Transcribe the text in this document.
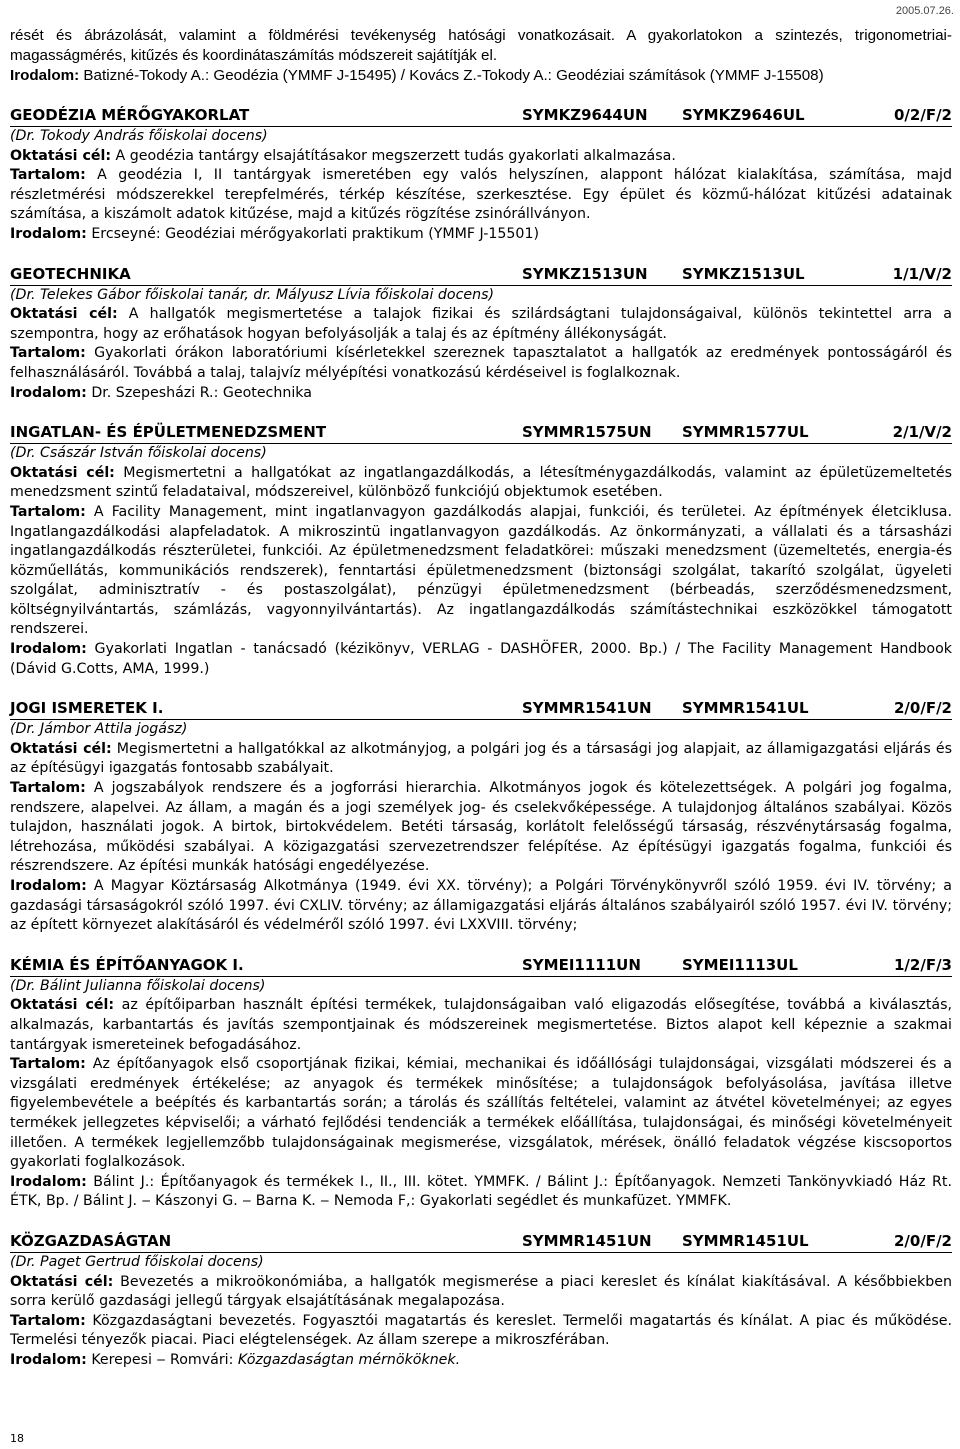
2005.07.26.

rését és ábrázolását, valamint a földmérési tevékenység hatósági vonatkozásait. A gyakorlatokon a szintezés, trigonometriai-magasságmérés, kitűzés és koordinátaszámítás módszereit sajátítják el.

Irodalom: Batizné-Tokody A.: Geodézia (YMMF J-15495) / Kovács Z.-Tokody A.: Geodéziai számítások (YMMF J-15508)

GEODÉZIA MÉRŐGYAKORLAT	SYMKZ9644UN	SYMKZ9646UL	0/2/F/2

(Dr. Tokody András főiskolai docens)

Oktatási cél: A geodézia tantárgy elsajátításakor megszerzett tudás gyakorlati alkalmazása.

Tartalom: A geodézia I, II tantárgyak ismeretében egy valós helyszínen, alappont hálózat kialakítása, számítása, majd részletmérési módszerekkel terepfelmérés, térkép készítése, szerkesztése. Egy épület és közmű-hálózat kitűzési adatainak számítása, a kiszámolt adatok kitűzése, majd a kitűzés rögzítése zsinórállványon.

Irodalom: Ercseyné: Geodéziai mérőgyakorlati praktikum (YMMF J-15501)

GEOTECHNIKA	SYMKZ1513UN	SYMKZ1513UL	1/1/V/2

(Dr. Telekes Gábor főiskolai tanár, dr. Mályusz Lívia főiskolai docens)

Oktatási cél: A hallgatók megismertetése a talajok fizikai és szilárdságtani tulajdonságaival, különös tekintettel arra a szempontra, hogy az erőhatások hogyan befolyásolják a talaj és az építmény állékonyságát.

Tartalom: Gyakorlati órákon laboratóriumi kísérletekkel szereznek tapasztalatot a hallgatók az eredmények pontosságáról és felhasználásáról. Továbbá a talaj, talajvíz mélyépítési vonatkozású kérdéseivel is foglalkoznak.

Irodalom: Dr. Szepesházi R.: Geotechnika

INGATLAN- ÉS ÉPÜLETMENEDZSMENT	SYMMR1575UN	SYMMR1577UL	2/1/V/2

(Dr. Császár István főiskolai docens)

Oktatási cél: Megismertetni a hallgatókat az ingatlangazdálkodás, a létesítménygazdálkodás, valamint az épületüzemeltetés menedzsment szintű feladataival, módszereivel, különböző funkciójú objektumok esetében.

Tartalom: A Facility Management, mint ingatlanvagyon gazdálkodás alapjai, funkciói, és területei. Az építmények életciklusa. Ingatlangazdálkodási alapfeladatok. A mikroszintü ingatlanvagyon gazdálkodás. Az önkormányzati, a vállalati és a társasházi ingatlangazdálkodás részterületei, funkciói. Az épületmenedzsment feladatkörei: műszaki menedzsment (üzemeltetés, energia-és közműellátás, kommunikációs rendszerek), fenntartási épületmenedzsment (biztonsági szolgálat, takarító szolgálat, ügyeleti szolgálat, adminisztratív - és postaszolgálat), pénzügyi épületmenedzsment (bérbeadás, szerződésmenedzsment, költségnyilvántartás, számlázás, vagyonnyilvántartás). Az ingatlangazdálkodás számítástechnikai eszközökkel támogatott rendszerei.

Irodalom: Gyakorlati Ingatlan - tanácsadó (kézikönyv, VERLAG - DASHÖFER, 2000. Bp.) / The Facility Management Handbook (Dávid G.Cotts, AMA, 1999.)

JOGI ISMERETEK I.	SYMMR1541UN	SYMMR1541UL	2/0/F/2

(Dr. Jámbor Attila jogász)

Oktatási cél: Megismertetni a hallgatókkal az alkotmányjog, a polgári jog és a társasági jog alapjait, az államigazgatási eljárás és az építésügyi igazgatás fontosabb szabályait.

Tartalom: A jogszabályok rendszere és a jogforrási hierarchia. Alkotmányos jogok és kötelezettségek. A polgári jog fogalma, rendszere, alapelvei. Az állam, a magán és a jogi személyek jog- és cselekvőképessége. A tulajdonjog általános szabályai. Közös tulajdon, használati jogok. A birtok, birtokvédelem. Betéti társaság, korlátolt felelősségű társaság, részvénytársaság fogalma, létrehozása, működési szabályai. A közigazgatási szervezetrendszer felépítése. Az építésügyi igazgatás fogalma, funkciói és részrendszere. Az építési munkák hatósági engedélyezése.

Irodalom: A Magyar Köztársaság Alkotmánya (1949. évi XX. törvény); a Polgári Törvénykönyvről szóló 1959. évi IV. törvény; a gazdasági társaságokról szóló 1997. évi CXLIV. törvény; az államigazgatási eljárás általános szabályairól szóló 1957. évi IV. törvény; az épített környezet alakításáról és védelméről szóló 1997. évi LXXVIII. törvény;

KÉMIA ÉS ÉPÍTŐANYAGOK I.	SYMEI1111UN	SYMEI1113UL	1/2/F/3

(Dr. Bálint Julianna főiskolai docens)

Oktatási cél: az építőiparban használt építési termékek, tulajdonságaiban való eligazodás elősegítése, továbbá a kiválasztás, alkalmazás, karbantartás és javítás szempontjainak és módszereinek megismertetése. Biztos alapot kell képeznie a szakmai tantárgyak ismereteinek befogadásához.

Tartalom: Az építőanyagok első csoportjának fizikai, kémiai, mechanikai és időállósági tulajdonságai, vizsgálati módszerei és a vizsgálati eredmények értékelése; az anyagok és termékek minősítése; a tulajdonságok befolyásolása, javítása illetve figyelembevétele a beépítés és karbantartás során; a tárolás és szállítás feltételei, valamint az átvétel követelményei; az egyes termékek jellegzetes képviselői; a várható fejlődési tendenciák a termékek előállítása, tulajdonságai, és minőségi követelményeit illetően. A termékek legjellemzőbb tulajdonságainak megismerése, vizsgálatok, mérések, önálló feladatok végzése kiscsoportos gyakorlati foglalkozások.

Irodalom: Bálint J.: Építőanyagok és termékek I., II., III. kötet. YMMFK. / Bálint J.: Építőanyagok. Nemzeti Tankönyvkiadó Ház Rt. ÉTK, Bp. / Bálint J. ‒ Kászonyi G. ‒ Barna K. ‒ Nemoda F,: Gyakorlati segédlet és munkafüzet. YMMFK.

KÖZGAZDASÁGTAN	SYMMR1451UN	SYMMR1451UL	2/0/F/2

(Dr. Paget Gertrud főiskolai docens)

Oktatási cél: Bevezetés a mikroökonómiába, a hallgatók megismerése a piaci kereslet és kínálat kiakításával. A későbbiekben sorra kerülő gazdasági jellegű tárgyak elsajátításának megalapozása.

Tartalom: Közgazdaságtani bevezetés. Fogyasztói magatartás és kereslet. Termelői magatartás és kínálat. A piac és működése. Termelési tényezők piacai. Piaci elégtelenségek. Az állam szerepe a mikroszférában.

Irodalom: Kerepesi ‒ Romvári: Közgazdaságtan mérnököknek.

18
